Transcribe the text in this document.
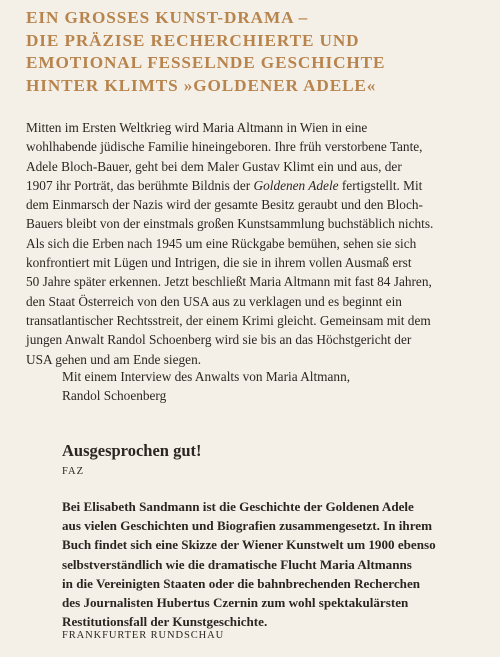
EIN GROSSES KUNST-DRAMA –
DIE PRÄZISE RECHERCHIERTE UND
EMOTIONAL FESSELNDE GESCHICHTE
HINTER KLIMTS »GOLDENER ADELE«

Mitten im Ersten Weltkrieg wird Maria Altmann in Wien in eine
wohlhabende jüdische Familie hineingeboren. Ihre früh verstorbene Tante,
Adele Bloch-Bauer, geht bei dem Maler Gustav Klimt ein und aus, der
1907 ihr Porträt, das berühmte Bildnis der Goldenen Adele fertigstellt. Mit
dem Einmarsch der Nazis wird der gesamte Besitz geraubt und den Bloch-
Bauers bleibt von der einstmals großen Kunstsammlung buchstäblich nichts.
Als sich die Erben nach 1945 um eine Rückgabe bemühen, sehen sie sich
konfrontiert mit Lügen und Intrigen, die sie in ihrem vollen Ausmaß erst
50 Jahre später erkennen. Jetzt beschließt Maria Altmann mit fast 84 Jahren,
den Staat Österreich von den USA aus zu verklagen und es beginnt ein
transatlantischer Rechtsstreit, der einem Krimi gleicht. Gemeinsam mit dem
jungen Anwalt Randol Schoenberg wird sie bis an das Höchstgericht der
USA gehen und am Ende siegen.

Mit einem Interview des Anwalts von Maria Altmann,
Randol Schoenberg

Ausgesprochen gut!

FAZ

Bei Elisabeth Sandmann ist die Geschichte der Goldenen Adele
aus vielen Geschichten und Biografien zusammengesetzt. In ihrem
Buch findet sich eine Skizze der Wiener Kunstwelt um 1900 ebenso
selbstverständlich wie die dramatische Flucht Maria Altmanns
in die Vereinigten Staaten oder die bahnbrechenden Recherchen
des Journalisten Hubertus Czernin zum wohl spektakulärsten
Restitutionsfall der Kunstgeschichte.

FRANKFURTER RUNDSCHAU
